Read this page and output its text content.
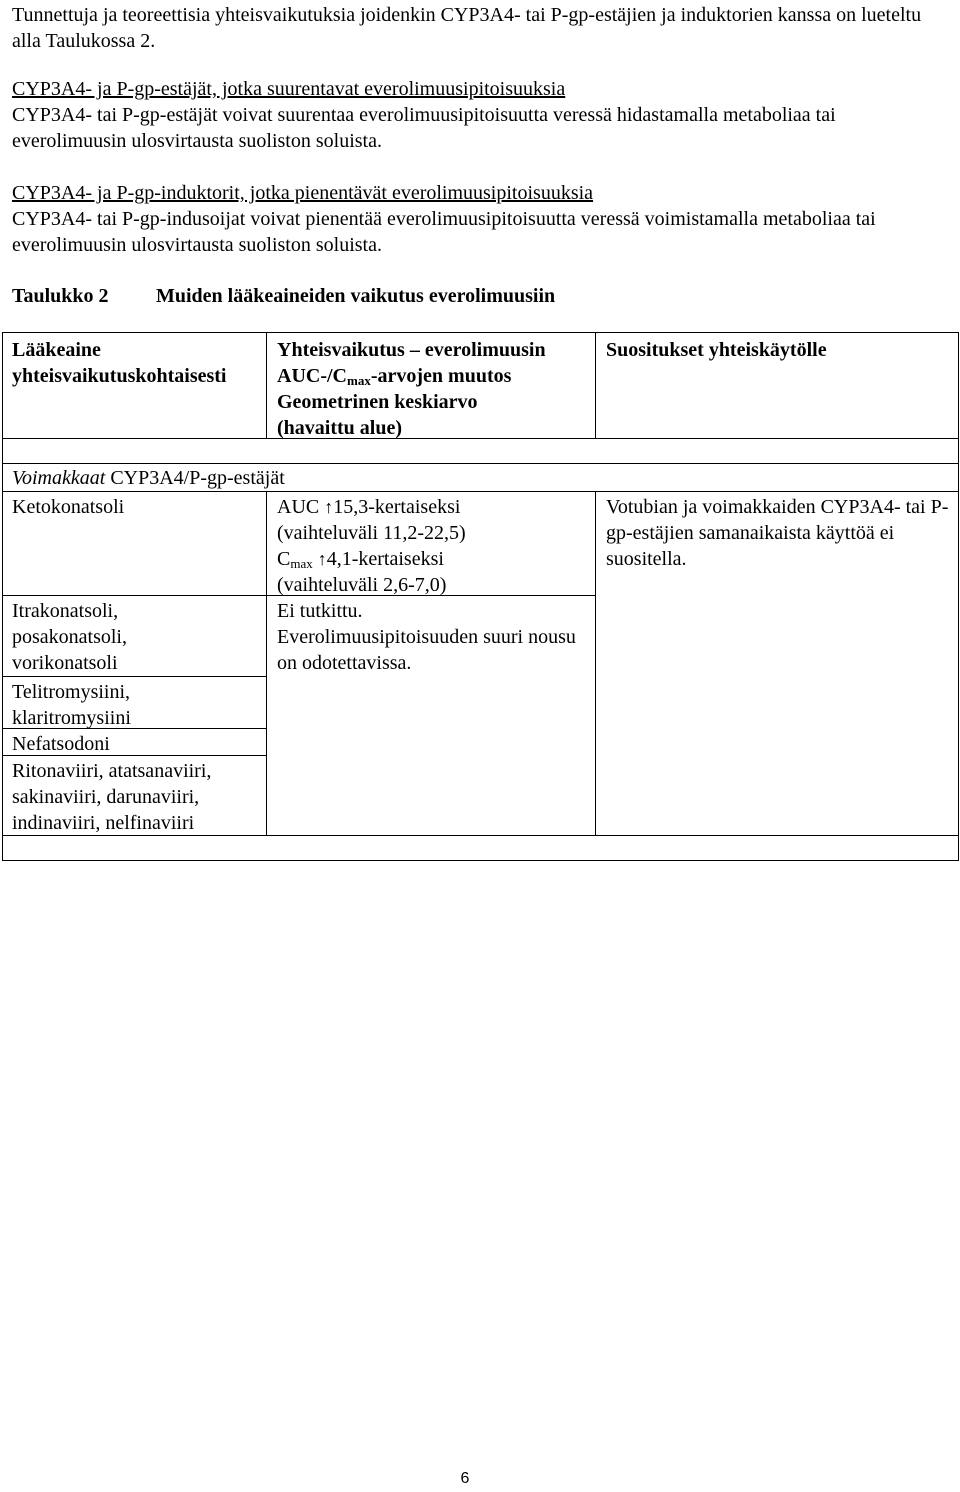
Tunnettuja ja teoreettisia yhteisvaikutuksia joidenkin CYP3A4- tai P-gp-estäjien ja induktorien kanssa on lueteltu alla Taulukossa 2.

CYP3A4- ja P-gp-estäjät, jotka suurentavat everolimuusipitoisuuksia

CYP3A4- tai P-gp-estäjät voivat suurentaa everolimuusipitoisuutta veressä hidastamalla metaboliaa tai everolimuusin ulosvirtausta suoliston soluista.

CYP3A4- ja P-gp-induktorit, jotka pienentävät everolimuusipitoisuuksia

CYP3A4- tai P-gp-indusoijat voivat pienentää everolimuusipitoisuutta veressä voimistamalla metaboliaa tai everolimuusin ulosvirtausta suoliston soluista.

Taulukko 2 Muiden lääkeaineiden vaikutus everolimuusiin
Lääkeaine
yhteisvaikutuskohtaisesti
Yhteisvaikutus – everolimuusin
AUC-$/C_{max}$-arvojen muutos
Geometrinen keskiarvo
(havaittu alue)
Suositukset yhteiskäytölle
Voimakkaat CYP3A4/P-gp-estäjät
Ketokonatsoli
Itrakonatsoli, posakonatsoli, vorikonatsoli
Telitromysiini, klaritromysiini
Nefatsodoni
Ritonaviiri, atatsanaviiri, sakinaviiri, darunaviiri, indinaviiri, nelfinaviiri
AUC ↑15,3-kertaiseksi
(vaihteluväli 11,2-22,5)
$C_{max}$ ↑4,1-kertaiseksi
(vaihteluväli 2,6-7,0)
Ei tutkittu.
Everolimuusipitoisuuden suuri nousu on odotettavissa.
Votubian ja voimakkaiden CYP3A4- tai P-gp-estäjien samanaikaista käyttöä ei suositella.
6
